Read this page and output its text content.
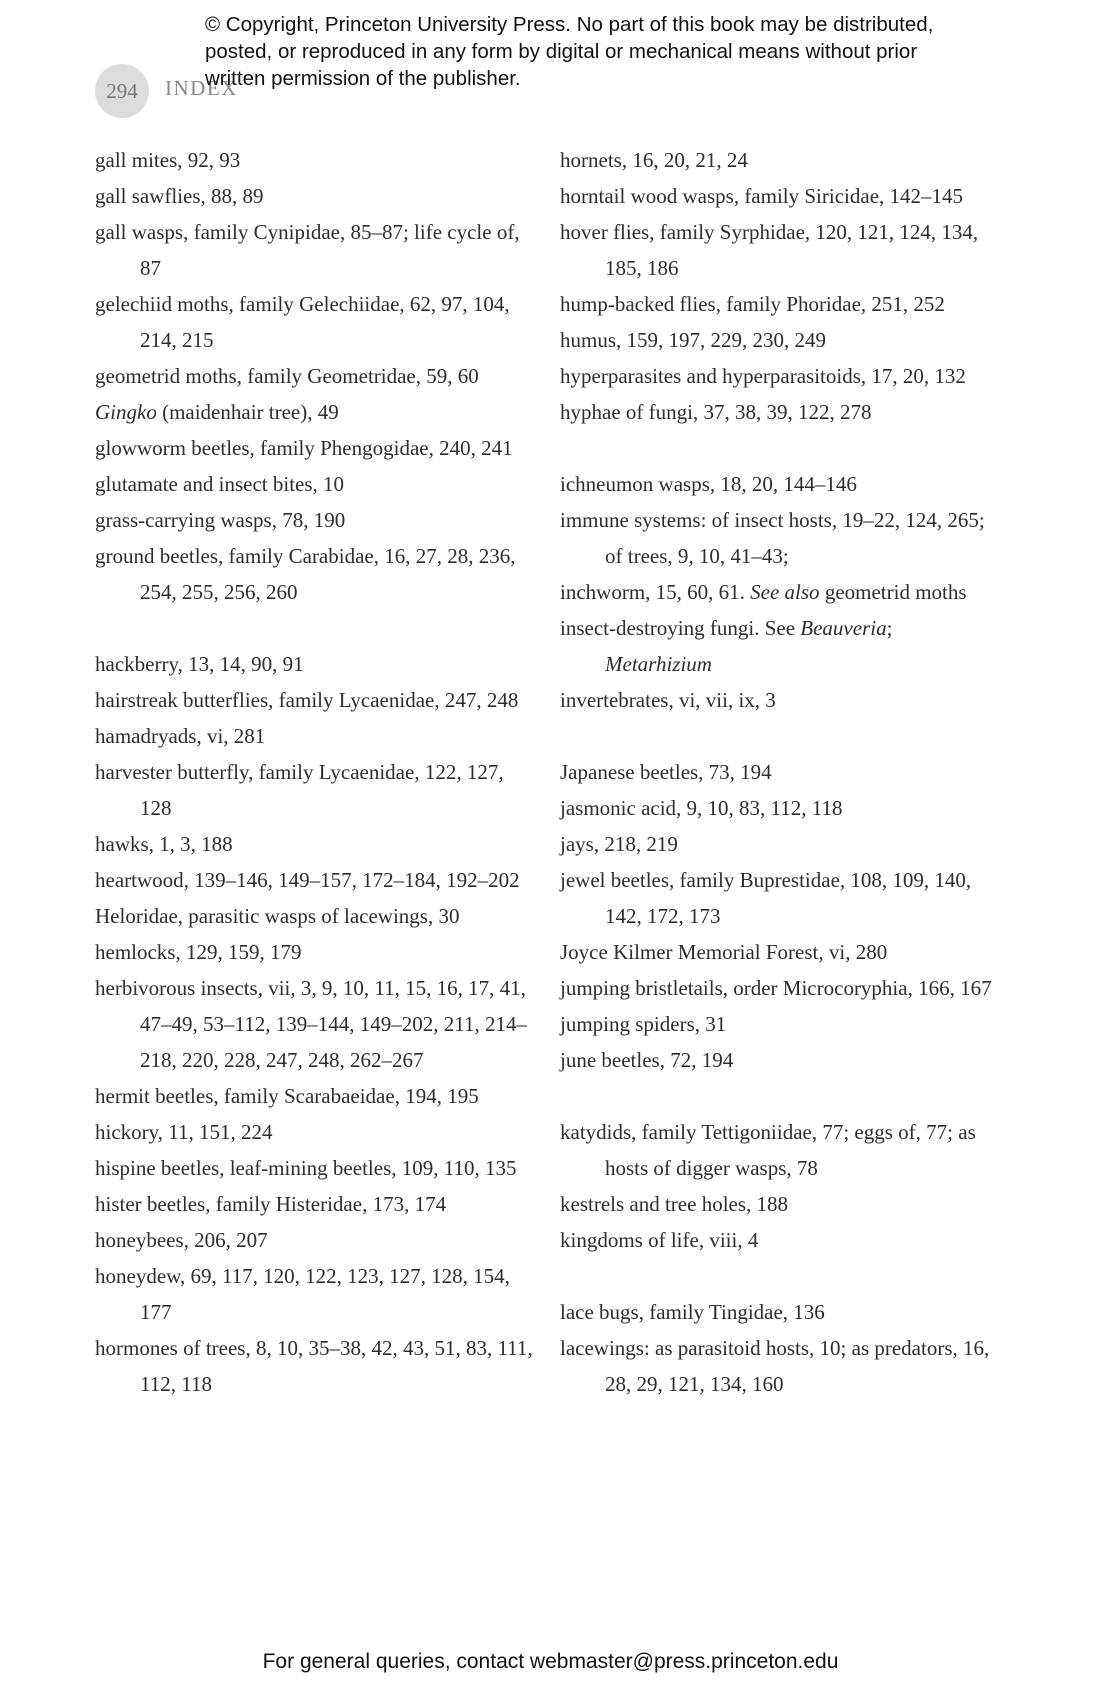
© Copyright, Princeton University Press. No part of this book may be distributed, posted, or reproduced in any form by digital or mechanical means without prior written permission of the publisher.
294	INDEX

gall mites, 92, 93

gall sawflies, 88, 89

gall wasps, family Cynipidae, 85–87; life cycle of, 87

gelechiid moths, family Gelechiidae, 62, 97, 104, 214, 215

geometrid moths, family Geometridae, 59, 60

Gingko (maidenhair tree), 49

glowworm beetles, family Phengogidae, 240, 241

glutamate and insect bites, 10

grass-carrying wasps, 78, 190

ground beetles, family Carabidae, 16, 27, 28, 236, 254, 255, 256, 260

hackberry, 13, 14, 90, 91

hairstreak butterflies, family Lycaenidae, 247, 248

hamadryads, vi, 281

harvester butterfly, family Lycaenidae, 122, 127, 128

hawks, 1, 3, 188

heartwood, 139–146, 149–157, 172–184, 192–202

Heloridae, parasitic wasps of lacewings, 30

hemlocks, 129, 159, 179

herbivorous insects, vii, 3, 9, 10, 11, 15, 16, 17, 41, 47–49, 53–112, 139–144, 149–202, 211, 214–218, 220, 228, 247, 248, 262–267

hermit beetles, family Scarabaeidae, 194, 195

hickory, 11, 151, 224

hispine beetles, leaf-mining beetles, 109, 110, 135

hister beetles, family Histeridae, 173, 174

honeybees, 206, 207

honeydew, 69, 117, 120, 122, 123, 127, 128, 154, 177

hormones of trees, 8, 10, 35–38, 42, 43, 51, 83, 111, 112, 118

hornets, 16, 20, 21, 24

horntail wood wasps, family Siricidae, 142–145

hover flies, family Syrphidae, 120, 121, 124, 134, 185, 186

hump-backed flies, family Phoridae, 251, 252

humus, 159, 197, 229, 230, 249

hyperparasites and hyperparasitoids, 17, 20, 132

hyphae of fungi, 37, 38, 39, 122, 278

ichneumon wasps, 18, 20, 144–146

immune systems: of insect hosts, 19–22, 124, 265; of trees, 9, 10, 41–43;

inchworm, 15, 60, 61. See also geometrid moths

insect-destroying fungi. See Beauveria; Metarhizium

invertebrates, vi, vii, ix, 3

Japanese beetles, 73, 194

jasmonic acid, 9, 10, 83, 112, 118

jays, 218, 219

jewel beetles, family Buprestidae, 108, 109, 140, 142, 172, 173

Joyce Kilmer Memorial Forest, vi, 280

jumping bristletails, order Microcoryphia, 166, 167

jumping spiders, 31

june beetles, 72, 194

katydids, family Tettigoniidae, 77; eggs of, 77; as hosts of digger wasps, 78

kestrels and tree holes, 188

kingdoms of life, viii, 4

lace bugs, family Tingidae, 136

lacewings: as parasitoid hosts, 10; as predators, 16, 28, 29, 121, 134, 160

For general queries, contact webmaster@press.princeton.edu
